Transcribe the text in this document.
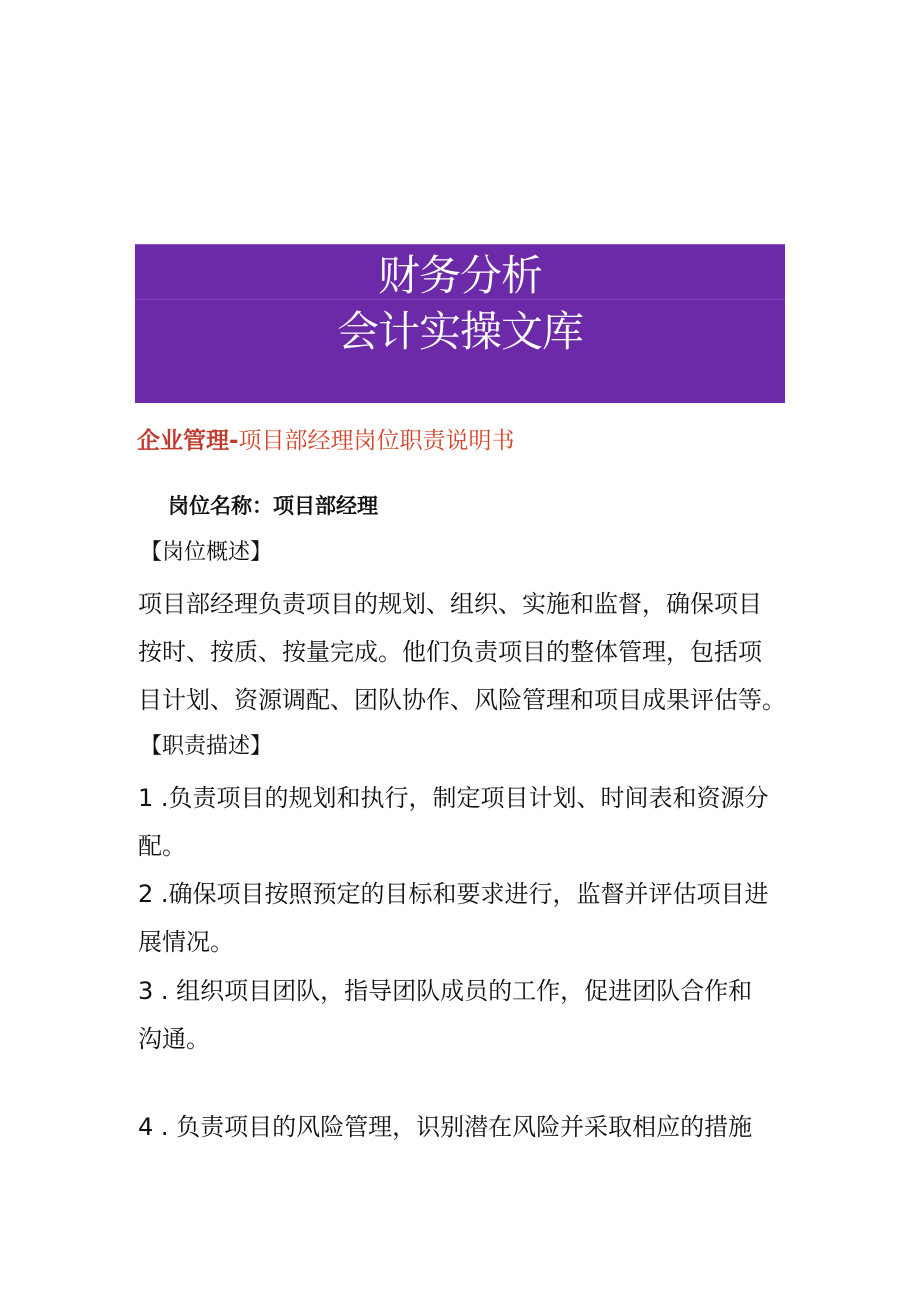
财务分析
会计实操文库
企业管理-项目部经理岗位职责说明书
岗位名称：项目部经理
【岗位概述】
项目部经理负责项目的规划、组织、实施和监督，确保项目
按时、按质、按量完成。他们负责项目的整体管理，包括项
目计划、资源调配、团队协作、风险管理和项目成果评估等。
【职责描述】
1 .负责项目的规划和执行，制定项目计划、时间表和资源分
配。
2 .确保项目按照预定的目标和要求进行，监督并评估项目进
展情况。
3 . 组织项目团队，指导团队成员的工作，促进团队合作和
沟通。
4 . 负责项目的风险管理，识别潜在风险并采取相应的措施
